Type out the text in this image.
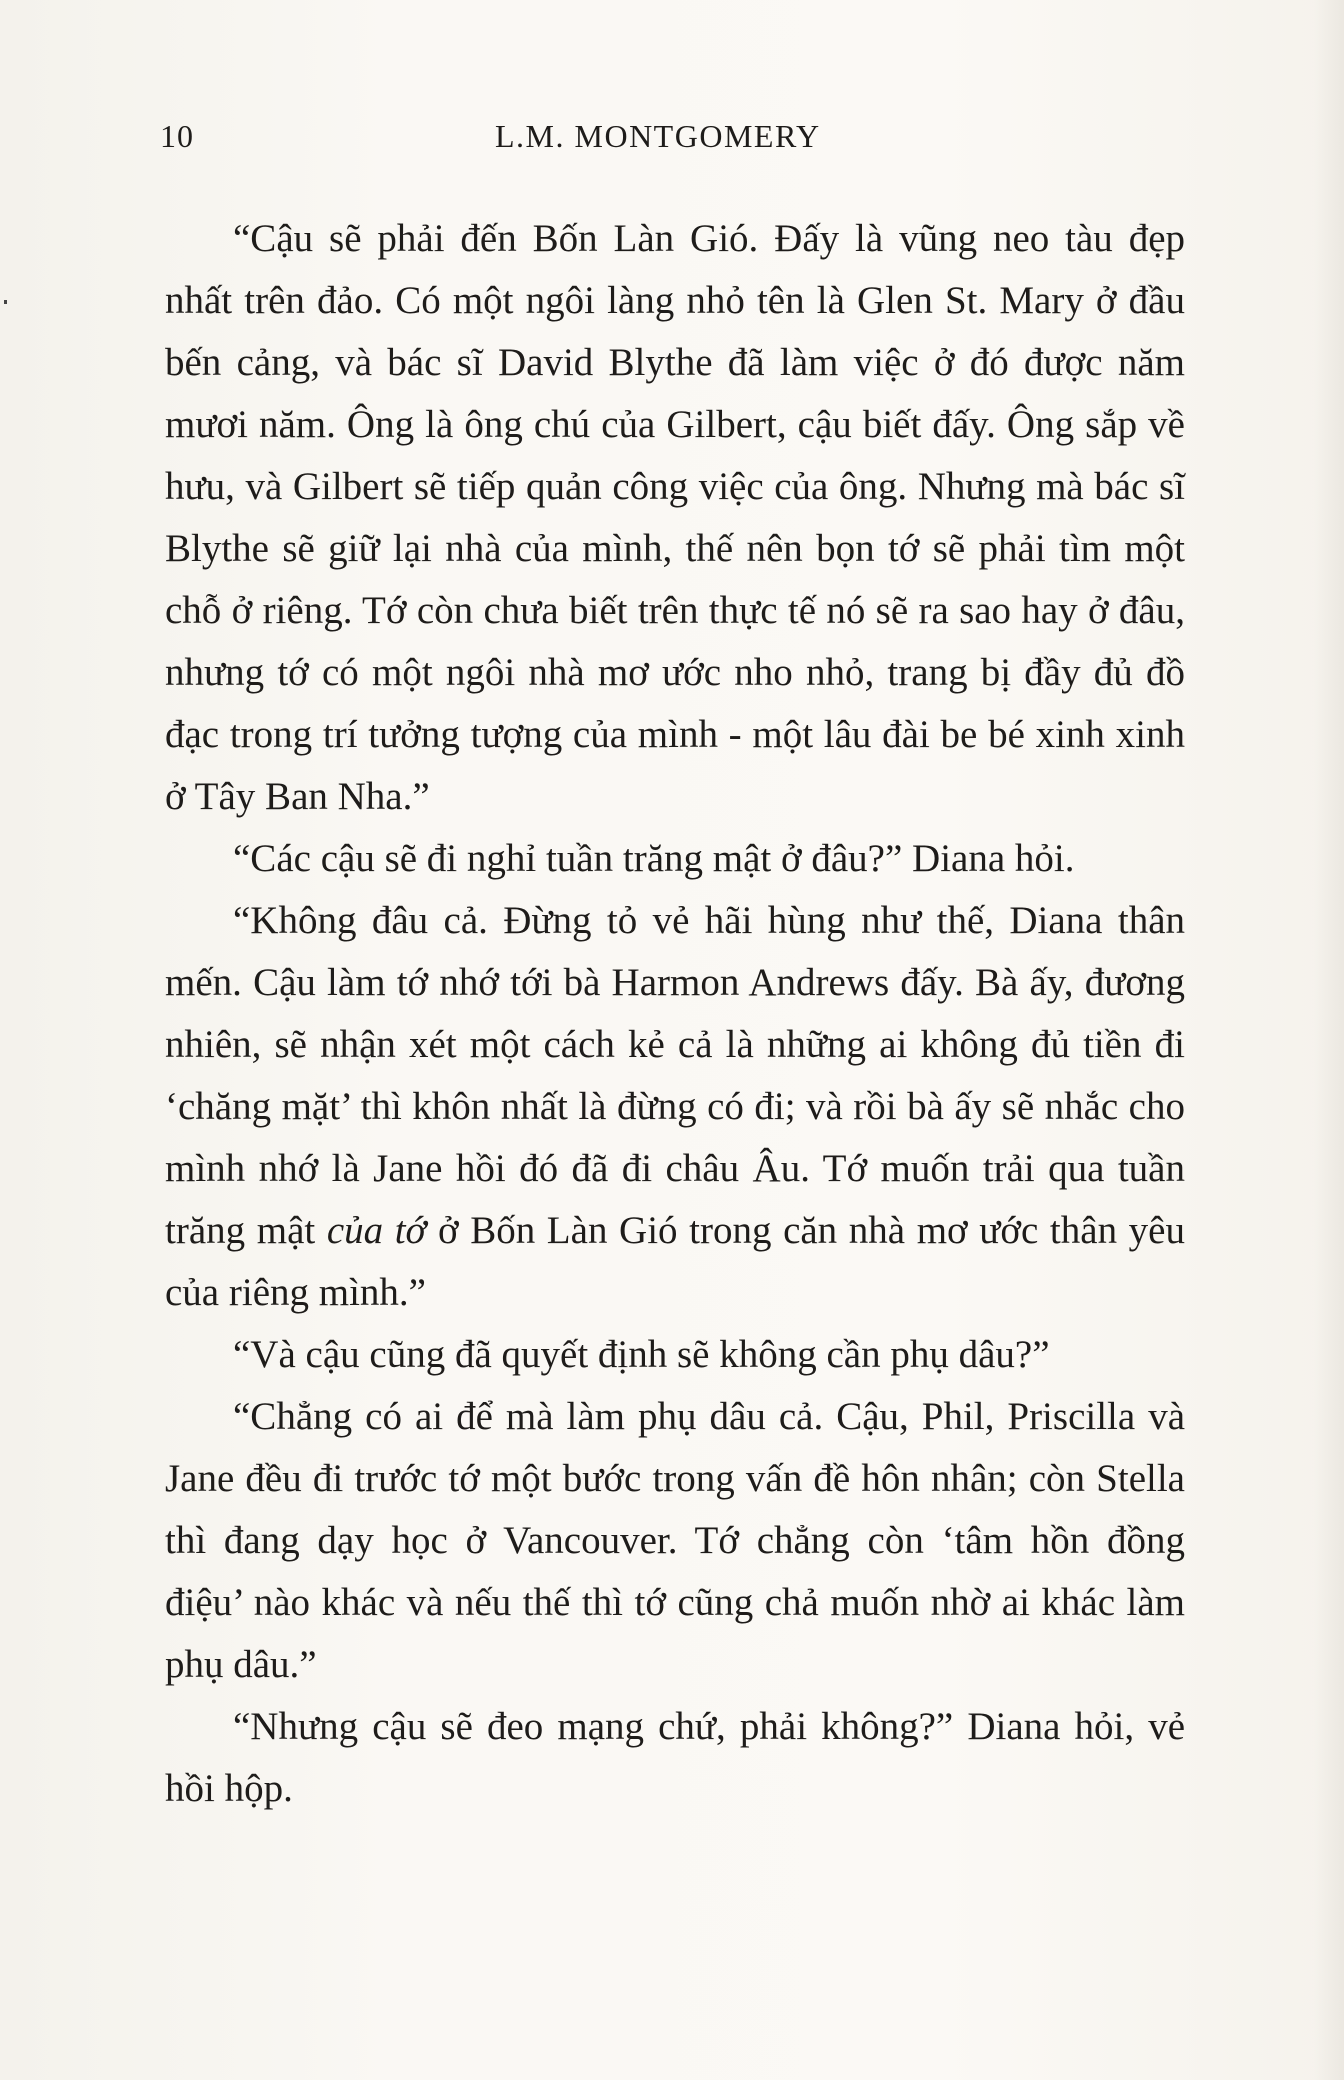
10	L.M. MONTGOMERY

“Cậu sẽ phải đến Bốn Làn Gió. Đấy là vũng neo tàu đẹp nhất trên đảo. Có một ngôi làng nhỏ tên là Glen St. Mary ở đầu bến cảng, và bác sĩ David Blythe đã làm việc ở đó được năm mươi năm. Ông là ông chú của Gilbert, cậu biết đấy. Ông sắp về hưu, và Gilbert sẽ tiếp quản công việc của ông. Nhưng mà bác sĩ Blythe sẽ giữ lại nhà của mình, thế nên bọn tớ sẽ phải tìm một chỗ ở riêng. Tớ còn chưa biết trên thực tế nó sẽ ra sao hay ở đâu, nhưng tớ có một ngôi nhà mơ ước nho nhỏ, trang bị đầy đủ đồ đạc trong trí tưởng tượng của mình - một lâu đài be bé xinh xinh ở Tây Ban Nha.”

“Các cậu sẽ đi nghỉ tuần trăng mật ở đâu?” Diana hỏi.

“Không đâu cả. Đừng tỏ vẻ hãi hùng như thế, Diana thân mến. Cậu làm tớ nhớ tới bà Harmon Andrews đấy. Bà ấy, đương nhiên, sẽ nhận xét một cách kẻ cả là những ai không đủ tiền đi ‘chăng mặt’ thì khôn nhất là đừng có đi; và rồi bà ấy sẽ nhắc cho mình nhớ là Jane hồi đó đã đi châu Âu. Tớ muốn trải qua tuần trăng mật của tớ ở Bốn Làn Gió trong căn nhà mơ ước thân yêu của riêng mình.”

“Và cậu cũng đã quyết định sẽ không cần phụ dâu?”

“Chẳng có ai để mà làm phụ dâu cả. Cậu, Phil, Priscilla và Jane đều đi trước tớ một bước trong vấn đề hôn nhân; còn Stella thì đang dạy học ở Vancouver. Tớ chẳng còn ‘tâm hồn đồng điệu’ nào khác và nếu thế thì tớ cũng chả muốn nhờ ai khác làm phụ dâu.”

“Nhưng cậu sẽ đeo mạng chứ, phải không?” Diana hỏi, vẻ hồi hộp.
